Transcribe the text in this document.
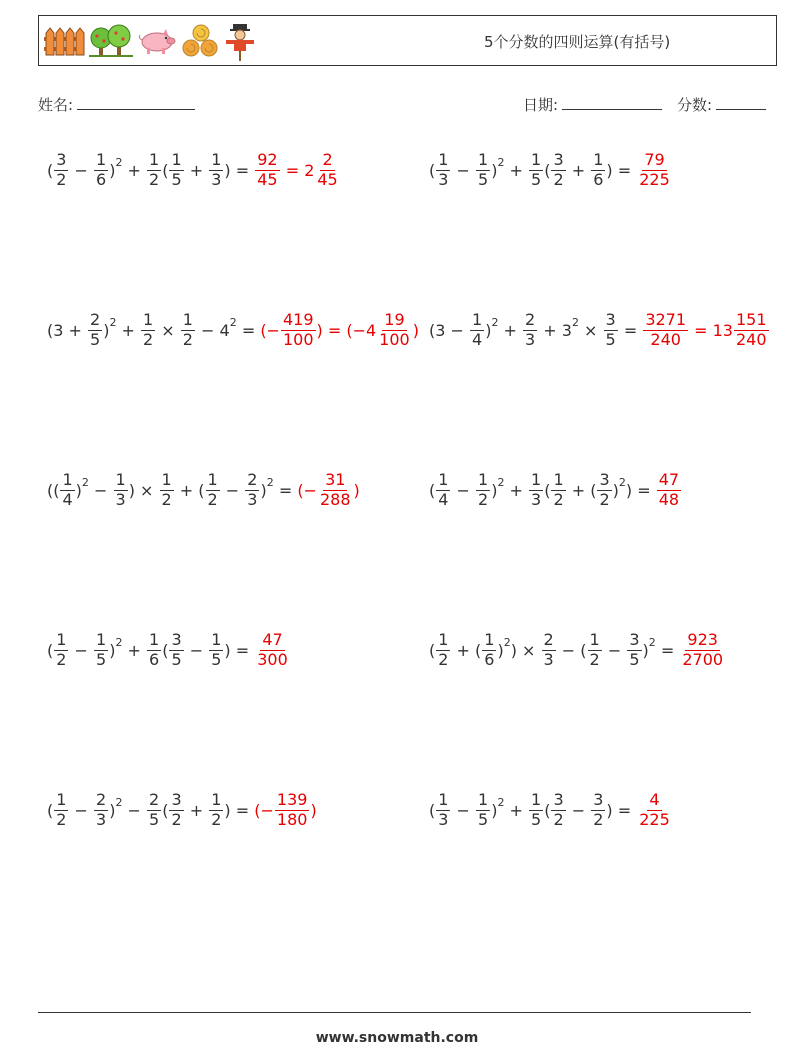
5个分数的四则运算(有括号)
姓名:	日期:	分数:
( $\frac{3}{2} - \frac{1}{6}$ ) $2 + \frac{1}{2}$ ( $\frac{1}{5} + \frac{1}{3}$ ) = $\frac{92}{45} = 2 \frac{2}{45}$	( $\frac{1}{3} - \frac{1}{5}$ ) $2 + \frac{1}{5}$ ( $\frac{3}{2} + \frac{1}{6}$ ) = $\frac{79}{225}$
($3 + \frac{2}{5}$ ) $2 + \frac{1}{2} \times \frac{1}{2} - 4$ 2 = (− $\frac{419}{100}$ ) = ($-4 \frac{19}{100}$ ) ($3 - \frac{1}{4}$ ) $2 + \frac{2}{3} + 3$ $2 \times \frac{3}{5} = \frac{3271}{240} = 13 \frac{151}{240}$
(( $\frac{1}{4}$ ) $2 - \frac{1}{3}$ ) × $\frac{1}{2}$ + ( $\frac{1}{2} - \frac{2}{3}$ ) 2 = (− $\frac{31}{288}$ )	( $\frac{1}{4} - \frac{1}{2}$ ) $2 + \frac{1}{3}$ ( $\frac{1}{2}$ + ( $\frac{3}{2}$ ) 2 ) = $\frac{47}{48}$
( $\frac{1}{2} - \frac{1}{5}$ ) $2 + \frac{1}{6}$ ( $\frac{3}{5} - \frac{1}{5}$ ) = $\frac{47}{300}$	( $\frac{1}{2}$ + ( $\frac{1}{6}$ ) 2 ) × $\frac{2}{3}$ − ( $\frac{1}{2} - \frac{3}{5}$ ) $2 = \frac{923}{2700}$
( $\frac{1}{2} - \frac{2}{3}$ ) $2 - \frac{2}{5}$ ( $\frac{3}{2} + \frac{1}{2}$ ) = (− $\frac{139}{180}$ )	( $\frac{1}{3} - \frac{1}{5}$ ) $2 + \frac{1}{5}$ ( $\frac{3}{2} - \frac{3}{2}$ ) = $\frac{4}{225}$
www.snowmath.com
